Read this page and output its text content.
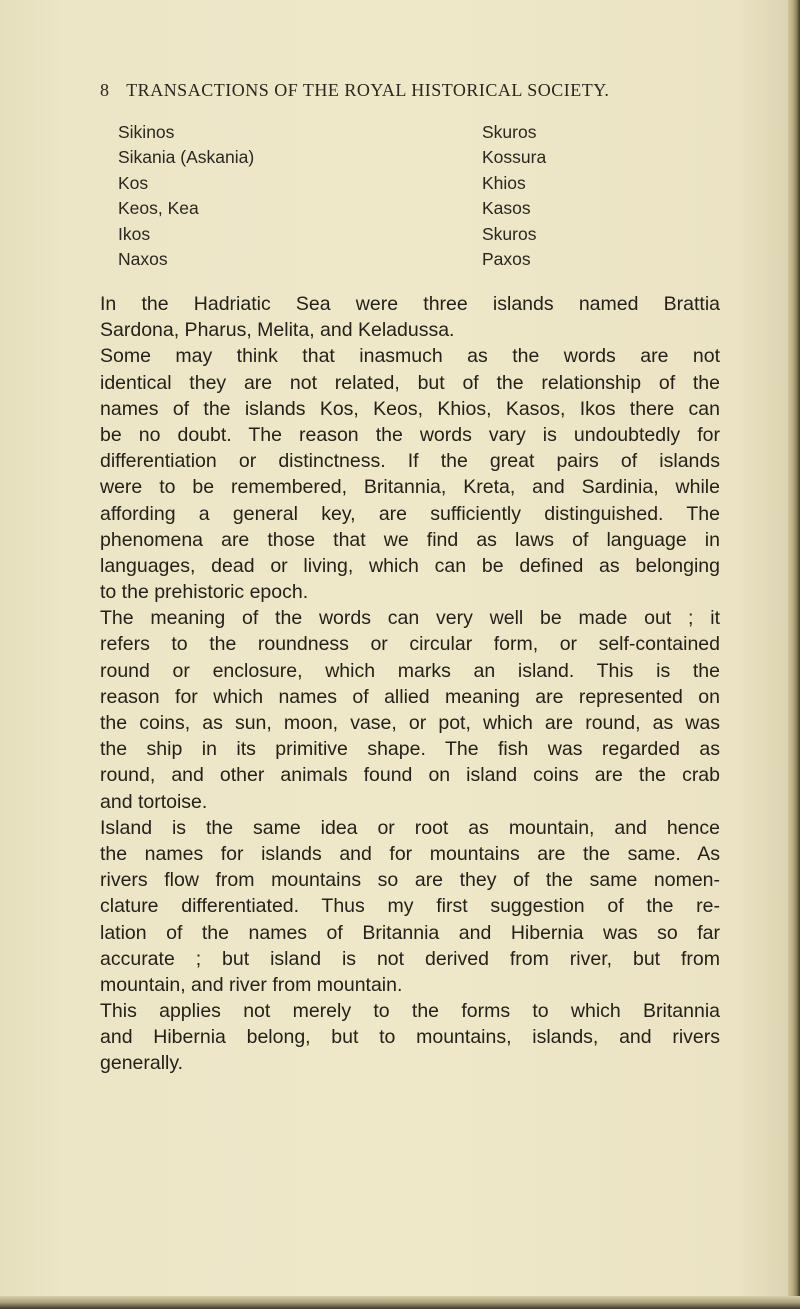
8 TRANSACTIONS OF THE ROYAL HISTORICAL SOCIETY.
Sikinos	Skuros
Sikania (Askania)	Kossura
Kos	Khios
Keos, Kea	Kasos
Ikos	Skuros
Naxos	Paxos
In the Hadriatic Sea were three islands named Brattia
Sardona, Pharus, Melita, and Keladussa.
Some may think that inasmuch as the words are not
identical they are not related, but of the relationship of the
names of the islands Kos, Keos, Khios, Kasos, Ikos there can
be no doubt. The reason the words vary is undoubtedly for
differentiation or distinctness. If the great pairs of islands
were to be remembered, Britannia, Kreta, and Sardinia, while
affording a general key, are sufficiently distinguished. The
phenomena are those that we find as laws of language in
languages, dead or living, which can be defined as belonging
to the prehistoric epoch.
The meaning of the words can very well be made out ; it
refers to the roundness or circular form, or self-contained
round or enclosure, which marks an island. This is the
reason for which names of allied meaning are represented on
the coins, as sun, moon, vase, or pot, which are round, as was
the ship in its primitive shape. The fish was regarded as
round, and other animals found on island coins are the crab
and tortoise.
Island is the same idea or root as mountain, and hence
the names for islands and for mountains are the same. As
rivers flow from mountains so are they of the same nomen-
clature differentiated. Thus my first suggestion of the re-
lation of the names of Britannia and Hibernia was so far
accurate ; but island is not derived from river, but from
mountain, and river from mountain.
This applies not merely to the forms to which Britannia
and Hibernia belong, but to mountains, islands, and rivers
generally.
